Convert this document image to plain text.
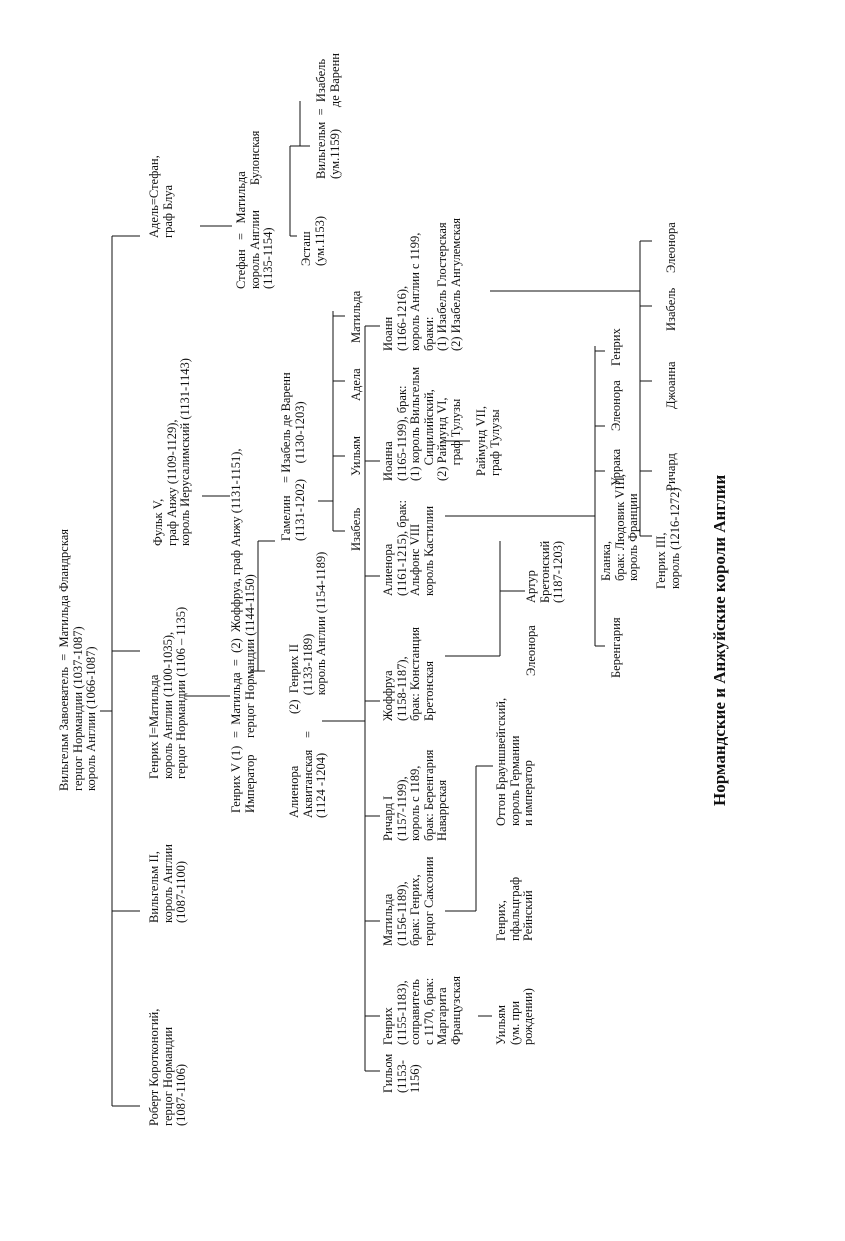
Вильгельм Завоеватель  =  Матильда Фландрская
герцог Нормандии (1037-1087)
король Англии (1066-1087)
Роберт Коротконогий,
герцог Нормандии
(1087-1106)
Вильгельм II,
король Англии
(1087-1100)
Генрих I=Матильда
король Англии (1100-1035),
герцог Нормандии (1106 – 1135)
Адель=Стефан,
граф Блуа
Генрих V (1)
Император
=  Матильда  =  (2)  Жоффруа, граф Анжу (1131-1151),
герцог Нормандии (1144-1150)
Фульк V,
граф Анжу (1109-1129),
король Иерусалимский (1131-1143)
Стефан   =   Матильда
король Англии        Булонская
(1135-1154) Эсташ
(ум.1153)
Вильгельм  =  Изабель
(ум.1159)       де Варенн
Алиенора
Аквитанская
(1124 -1204)
=
(2)  Генрих II
(1133-1189)
король Англии (1154-1189)
Гамелин    = Изабель де Варенн
(1131-1202)     (1130-1203)
Изабель
Уильям
Адела
Матильда
Гильом
(1153-
1156)
Генрих
(1155-1183),
соправитель
с 1170, брак:
Маргарита
Французская
Матильда
(1156-1189),
брак: Генрих,
герцог Саксонии
Ричард I
(1157-1199),
король с 1189,
брак: Беренгария
Наваррская
Жоффруа
(1158-1187),
брак: Констанция
Бретонская
Алиенора
(1161-1215), брак:
Альфонс VIII
король Кастилии
Иоанна
(1165-1199), брак:
(1) король Вильгельм
Сицилийский,
(2) Раймунд VI,
граф Тулузы
Иоанн
(1166-1216),
король Англии с 1199,
браки:
(1) Изабель Глостерская
(2) Изабель Ангулемская
Уильям
(ум. при
рождении)
Генрих,
пфальцграф
Рейнский
Оттон Брауншвейгский,
король Германии
и император
Элеонора
Артур
Бретонский
(1187-1203)
Раймунд VII,
граф Тулузы
Беренгария
Бланка,
брак: Людовик VIII,
король Франции
Уррака
Элеонора
Генрих
Генрих III,
король (1216-1272)
Ричард
Джоанна
Изабель
Элеонора
Нормандские и Анжуйские короли Англии
